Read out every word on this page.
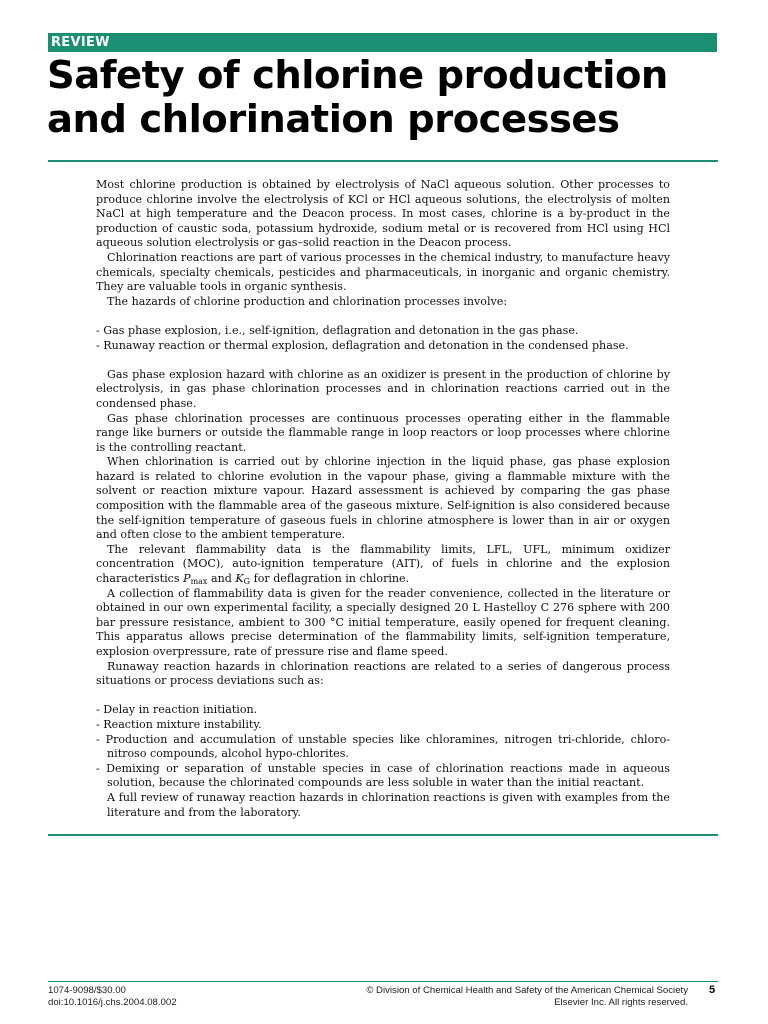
REVIEW
Safety of chlorine production and chlorination processes

Most chlorine production is obtained by electrolysis of NaCl aqueous solution. Other processes to produce chlorine involve the electrolysis of KCl or HCl aqueous solutions, the electrolysis of molten NaCl at high temperature and the Deacon process. In most cases, chlorine is a by-product in the production of caustic soda, potassium hydroxide, sodium metal or is recovered from HCl using HCl aqueous solution electrolysis or gas–solid reaction in the Deacon process.

Chlorination reactions are part of various processes in the chemical industry, to manufacture heavy chemicals, specialty chemicals, pesticides and pharmaceuticals, in inorganic and organic chemistry. They are valuable tools in organic synthesis.

The hazards of chlorine production and chlorination processes involve:

- Gas phase explosion, i.e., self-ignition, deflagration and detonation in the gas phase.
- Runaway reaction or thermal explosion, deflagration and detonation in the condensed phase.

Gas phase explosion hazard with chlorine as an oxidizer is present in the production of chlorine by electrolysis, in gas phase chlorination processes and in chlorination reactions carried out in the condensed phase.

Gas phase chlorination processes are continuous processes operating either in the flammable range like burners or outside the flammable range in loop reactors or loop processes where chlorine is the controlling reactant.

When chlorination is carried out by chlorine injection in the liquid phase, gas phase explosion hazard is related to chlorine evolution in the vapour phase, giving a flammable mixture with the solvent or reaction mixture vapour. Hazard assessment is achieved by comparing the gas phase composition with the flammable area of the gaseous mixture. Self-ignition is also considered because the self-ignition temperature of gaseous fuels in chlorine atmosphere is lower than in air or oxygen and often close to the ambient temperature.

The relevant flammability data is the flammability limits, LFL, UFL, minimum oxidizer concentration (MOC), auto-ignition temperature (AIT), of fuels in chlorine and the explosion characteristics $P_{max}$ and $K_G$ for deflagration in chlorine.

A collection of flammability data is given for the reader convenience, collected in the literature or obtained in our own experimental facility, a specially designed 20 L Hastelloy C 276 sphere with 200 bar pressure resistance, ambient to 300 °C initial temperature, easily opened for frequent cleaning. This apparatus allows precise determination of the flammability limits, self-ignition temperature, explosion overpressure, rate of pressure rise and flame speed.

Runaway reaction hazards in chlorination reactions are related to a series of dangerous process situations or process deviations such as:

- Delay in reaction initiation.
- Reaction mixture instability.
- Production and accumulation of unstable species like chloramines, nitrogen tri-chloride, chloro-nitroso compounds, alcohol hypo-chlorites.
- Demixing or separation of unstable species in case of chlorination reactions made in aqueous solution, because the chlorinated compounds are less soluble in water than the initial reactant.
A full review of runaway reaction hazards in chlorination reactions is given with examples from the literature and from the laboratory.
1074-9098/$30.00
doi:10.1016/j.chs.2004.08.002
© Division of Chemical Health and Safety of the American Chemical Society
Elsevier Inc. All rights reserved.
5
